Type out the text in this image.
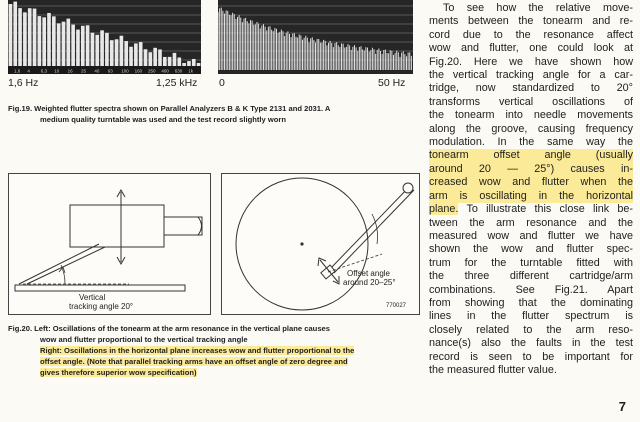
1,6 4 6,3 10 16 25 40 63 100 160 250 400 630 1k
1,6 Hz	1,25 kHz 0	50 Hz
Fig.19. Weighted flutter spectra shown on Parallel Analyzers B & K Type 2131 and 2031. A
medium quality turntable was used and the test record slightly worn
Vertical
tracking angle 20°
Offset angle
around 20–25°
770027
Fig.20. Left: Oscillations of the tonearm at the arm resonance in the vertical plane causes
wow and flutter proportional to the vertical tracking angle
Right: Oscillations in the horizontal plane increases wow and flutter proportional to the
offset angle. (Note that parallel tracking arms have an offset angle of zero degree and
gives therefore superior wow specification)
To see how the relative move-
ments between the tonearm and re-
cord due to the resonance affect
wow and flutter, one could look at
Fig.20. Here we have shown how
the vertical tracking angle for a car-
tridge, now standardized to 20°
transforms vertical oscillations of
the tonearm into needle movements
along the groove, causing frequency
modulation. In the same way the
tonearm offset angle (usually
around 20 — 25°) causes in-
creased wow and flutter when the
arm is oscillating in the horizontal
plane. To illustrate this close link be-
tween the arm resonance and the
measured wow and flutter we have
shown the wow and flutter spec-
trum for the turntable fitted with
the three different cartridge/arm
combinations. See Fig.21. Apart
from showing that the dominating
lines in the flutter spectrum is
closely related to the arm reso-
nance(s) also the faults in the test
record is seen to be important for
the measured flutter value.
7
